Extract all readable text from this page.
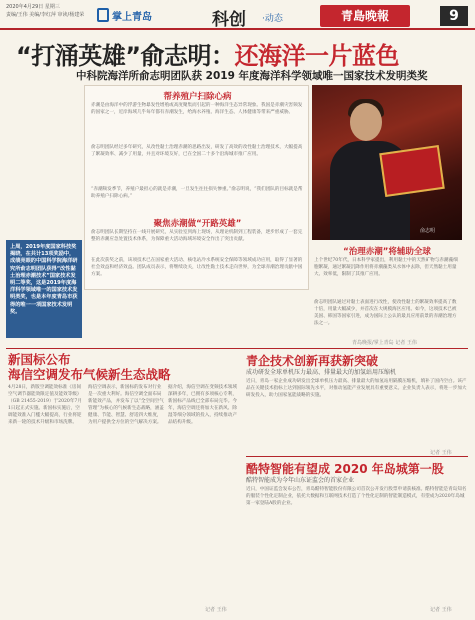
2020年4月29日 星期三
责编/王伟 美编/李红萍 审读/杨建荣	掌上青岛	科创 ·动态	青島晚報	9
“打涌英雄”俞志明：还海洋一片蓝色
中科院海洋所俞志明团队获 2019 年度海洋科学领域唯一国家技术发明类奖
帮养殖户扫除心病
赤潮是由海洋中的浮游生物暴发性增殖或高度聚集而引起的一种海洋生态异常现象。我国是赤潮灾害频发的国家之一，近岸海域几乎每年都有赤潮发生，给海水养殖、海洋生态、人体健康等带来严重威胁。
俞志明团队经过多年研究，从改性黏土治理赤潮的思路出发，研发了高效的改性黏土治理技术，大幅提高了絮凝效率、减少了用量，并且对环境友好，已在全国二十多个沿海城市推广应用。
“赤潮频发季节，养殖户最担心的就是赤潮，一旦发生往往损失惨重。”俞志明说，“我们团队的目标就是帮助养殖户扫除心病。”
聚焦赤潮做“开路英雄”
俞志明团队长期坚持在一线开展研究，从实验室到海上现场，从理论机制到工程装备，逐步形成了一套完整的赤潮应急处置技术体系，为保障重大活动海域环境安全作出了突出贡献。
在此次获奖之前，该项技术已在国家重大活动、核电站冷水系统安全保障等领域成功应用，取得了显著的社会效益和经济效益。团队成员表示，将继续攻关，让改性黏土技术走向世界，为全球赤潮治理贡献中国方案。
俞志明
上周，2019年度国家科技奖揭晓，在共计13项奖励中，成绩亮眼的中国科学院海洋研究所俞志明团队获得“改性黏土治理赤潮技术”国家技术发明二等奖，这是2019年度海洋科学领域唯一的国家技术发明类奖，也是本年度青岛市获得的唯一一项国家技术发明奖。
“治理赤潮”将辅助全球
上个世纪70年代，日本科学家提出，利用黏土中的天然矿物与赤潮藻细胞絮凝，通过絮凝沉降作用将赤潮藻类从水体中去除，但天然黏土用量大、效率低，限制了其推广应用。
俞志明团队通过对黏土表面进行改性，使改性黏土的絮凝效率提高了数十倍，用量大幅减少，并首次在大规模海区应用。如今，这项技术已被美国、韩国等国家引进，成为国际上公认的最具应用前景的赤潮治理方法之一。
青岛晚报/掌上青岛 记者 王伟
新国标公布
海信空调发布气候新生态战略
4月28日，新版空调能效标准《房间空气调节器能效限定值及能效等级》（GB 21455-2019）于2020年7月1日起正式实施。新国标实施后，空调能效准入门槛大幅提高，行业将迎来新一轮的技术升级和市场洗牌。
海信空调表示，新国标的发布对行业是一次重大利好。海信空调全面布局新能效产品，并发布了以“全空间空气管理”为核心的气候新生态战略，涵盖健康、节能、智慧、舒适四大维度，为用户提供全方位的空气解决方案。
据介绍，海信空调在变频技术领域深耕多年，已拥有多项核心专利，新国标产品线已全部布局完毕。今年，海信空调还将加大在新风、除湿等细分领域的投入，持续推动产品结构升级。
记者 王伟
青企技术创新再获新突破
成功研发全球单机压力最高、排量最大的加氢站用压缩机
近日，青岛一家企业成功研发出全球单机压力最高、排量最大的加氢站用隔膜压缩机，填补了国内空白。该产品在关键技术指标上达到国际领先水平，对推动氢能产业发展具有重要意义。企业负责人表示，将进一步加大研发投入，助力国家氢能战略的实施。
记者 王伟
酷特智能有望成 2020 年岛城第一股
酷特智能成为今年山东证监会的首家企业
近日，中国证监会发布公告，青岛酷特智能股份有限公司首次公开发行股票申请获核准。酷特智能是青岛知名的服装个性化定制企业，依托大数据和互联网技术打造了个性化定制的智能制造模式，有望成为2020年岛城第一家登陆A股的企业。
记者 王伟
